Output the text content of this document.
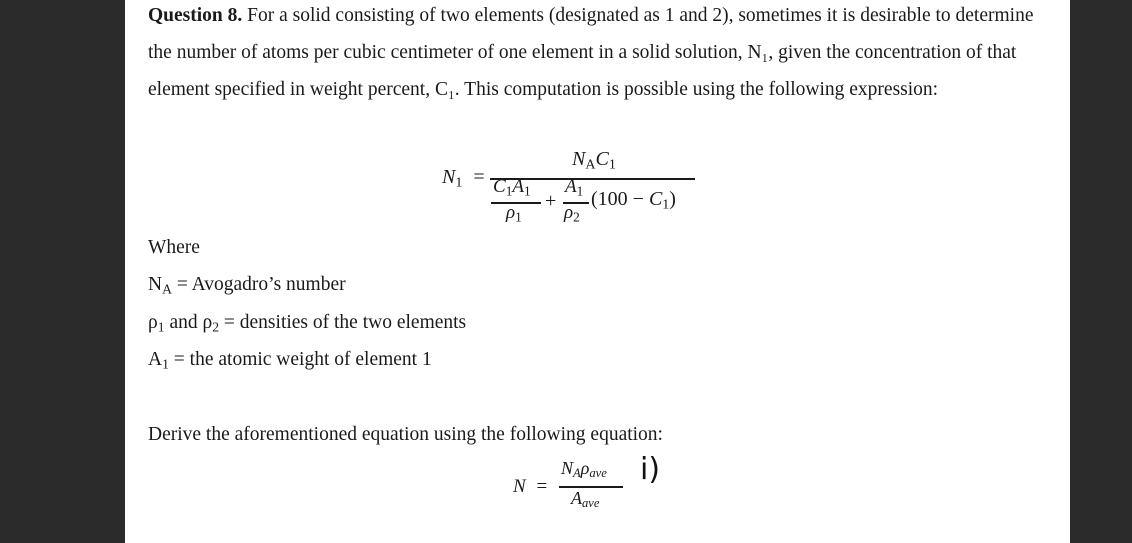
Question 8. For a solid consisting of two elements (designated as 1 and 2), sometimes it is desirable to determine the number of atoms per cubic centimeter of one element in a solid solution, N₁, given the concentration of that element specified in weight percent, C₁. This computation is possible using the following expression:

$N_1$ =
$N_AC_1$
$C_1A_1$
$\rho_1$
+
$A_1$
$\rho_2$
$(100 - C_1)$
Where
$N_A$ = Avogadro’s number
$\rho_1$ and $\rho_2$ = densities of the two elements
$A_1$ = the atomic weight of element 1
Derive the aforementioned equation using the following equation:
N =
$N_A\rho_{ave}$
$A_{ave}$
i)
